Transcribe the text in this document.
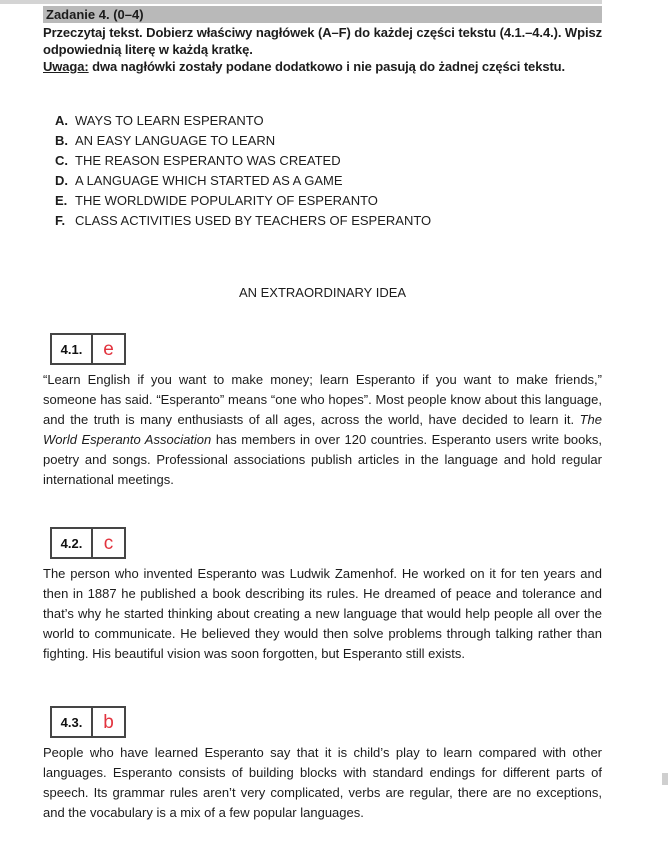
Zadanie 4. (0–4)

Przeczytaj tekst. Dobierz właściwy nagłówek (A–F) do każdej części tekstu (4.1.–4.4.). Wpisz odpowiednią literę w każdą kratkę.

Uwaga: dwa nagłówki zostały podane dodatkowo i nie pasują do żadnej części tekstu.

A. WAYS TO LEARN ESPERANTO
B. AN EASY LANGUAGE TO LEARN
C. THE REASON ESPERANTO WAS CREATED
D. A LANGUAGE WHICH STARTED AS A GAME
E. THE WORLDWIDE POPULARITY OF ESPERANTO
F. CLASS ACTIVITIES USED BY TEACHERS OF ESPERANTO
AN EXTRAORDINARY IDEA
4.1.	e

“Learn English if you want to make money; learn Esperanto if you want to make friends,” someone has said. “Esperanto” means “one who hopes”. Most people know about this language, and the truth is many enthusiasts of all ages, across the world, have decided to learn it. The World Esperanto Association has members in over 120 countries. Esperanto users write books, poetry and songs. Professional associations publish articles in the language and hold regular international meetings.

4.2.	c

The person who invented Esperanto was Ludwik Zamenhof. He worked on it for ten years and then in 1887 he published a book describing its rules. He dreamed of peace and tolerance and that’s why he started thinking about creating a new language that would help people all over the world to communicate. He believed they would then solve problems through talking rather than fighting. His beautiful vision was soon forgotten, but Esperanto still exists.

4.3.	b

People who have learned Esperanto say that it is child’s play to learn compared with other languages. Esperanto consists of building blocks with standard endings for different parts of speech. Its grammar rules aren’t very complicated, verbs are regular, there are no exceptions, and the vocabulary is a mix of a few popular languages.
